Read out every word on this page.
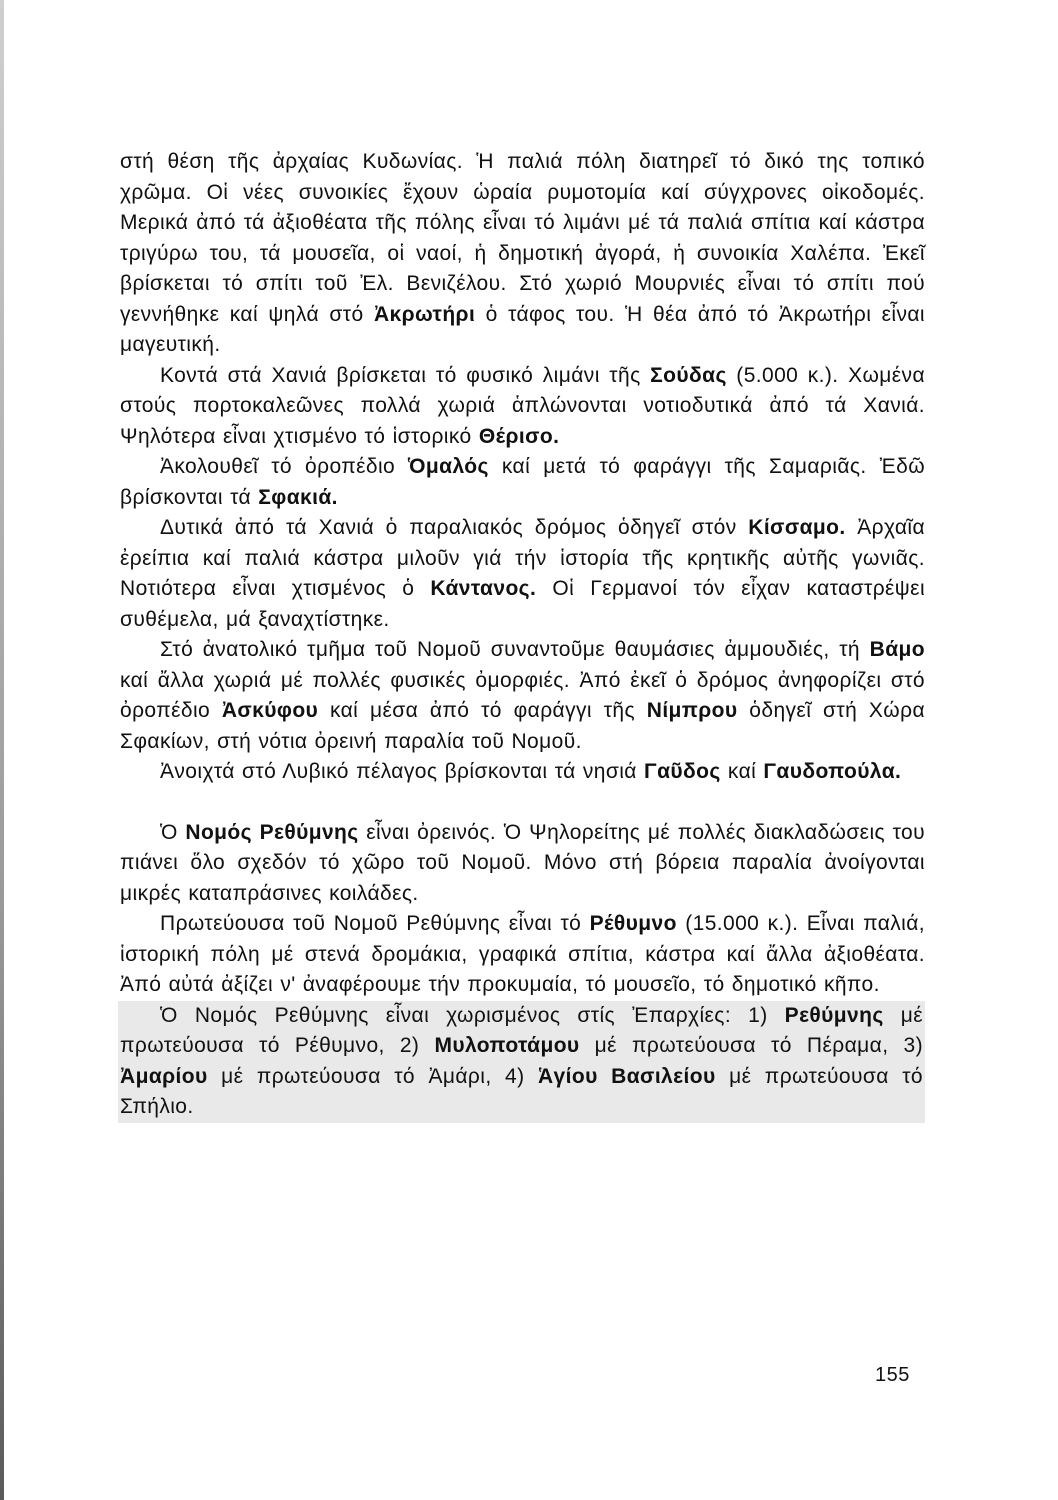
στή θέση τῆς ἀρχαίας Κυδωνίας. Ἡ παλιά πόλη διατηρεῖ τό δικό της τοπικό χρῶμα. Οἱ νέες συνοικίες ἔχουν ὡραία ρυμοτομία καί σύγχρονες οἰκοδομές. Μερικά ἀπό τά ἀξιοθέατα τῆς πόλης εἶναι τό λιμάνι μέ τά παλιά σπίτια καί κάστρα τριγύρω του, τά μουσεῖα, οἱ ναοί, ἡ δημοτική ἀγορά, ἡ συνοικία Χαλέπα. Ἐκεῖ βρίσκεται τό σπίτι τοῦ Ἐλ. Βενιζέλου. Στό χωριό Μουρνιές εἶναι τό σπίτι πού γεννήθηκε καί ψηλά στό Ἀκρωτήρι ὁ τάφος του. Ἡ θέα ἀπό τό Ἀκρωτήρι εἶναι μαγευτική.

Κοντά στά Χανιά βρίσκεται τό φυσικό λιμάνι τῆς Σούδας (5.000 κ.). Χωμένα στούς πορτοκαλεῶνες πολλά χωριά ἁπλώνονται νοτιοδυτικά ἀπό τά Χανιά. Ψηλότερα εἶναι χτισμένο τό ἱστορικό Θέρισο.

Ἀκολουθεῖ τό ὀροπέδιο Ὁμαλός καί μετά τό φαράγγι τῆς Σαμαριᾶς. Ἐδῶ βρίσκονται τά Σφακιά.

Δυτικά ἀπό τά Χανιά ὁ παραλιακός δρόμος ὁδηγεῖ στόν Κίσσαμο. Ἀρχαῖα ἐρείπια καί παλιά κάστρα μιλοῦν γιά τήν ἱστορία τῆς κρητικῆς αὐτῆς γωνιᾶς. Νοτιότερα εἶναι χτισμένος ὁ Κάντανος. Οἱ Γερμανοί τόν εἶχαν καταστρέψει συθέμελα, μά ξαναχτίστηκε.

Στό ἀνατολικό τμῆμα τοῦ Νομοῦ συναντοῦμε θαυμάσιες ἀμμουδιές, τή Βάμο καί ἄλλα χωριά μέ πολλές φυσικές ὀμορφιές. Ἀπό ἐκεῖ ὁ δρόμος ἀνηφορίζει στό ὀροπέδιο Ἀσκύφου καί μέσα ἀπό τό φαράγγι τῆς Νίμπρου ὁδηγεῖ στή Χώρα Σφακίων, στή νότια ὀρεινή παραλία τοῦ Νομοῦ.

Ἀνοιχτά στό Λυβικό πέλαγος βρίσκονται τά νησιά Γαῦδος καί Γαυδοπούλα.

Ὁ Νομός Ρεθύμνης εἶναι ὀρεινός. Ὁ Ψηλορείτης μέ πολλές διακλαδώσεις του πιάνει ὅλο σχεδόν τό χῶρο τοῦ Νομοῦ. Μόνο στή βόρεια παραλία ἀνοίγονται μικρές καταπράσινες κοιλάδες.

Πρωτεύουσα τοῦ Νομοῦ Ρεθύμνης εἶναι τό Ρέθυμνο (15.000 κ.). Εἶναι παλιά, ἱστορική πόλη μέ στενά δρομάκια, γραφικά σπίτια, κάστρα καί ἄλλα ἀξιοθέατα. Ἀπό αὐτά ἀξίζει ν' ἀναφέρουμε τήν προκυμαία, τό μουσεῖο, τό δημοτικό κῆπο.

Ὁ Νομός Ρεθύμνης εἶναι χωρισμένος στίς Ἐπαρχίες: 1) Ρεθύμνης μέ πρωτεύουσα τό Ρέθυμνο, 2) Μυλοποτάμου μέ πρωτεύουσα τό Πέραμα, 3) Ἀμαρίου μέ πρωτεύουσα τό Ἀμάρι, 4) Ἁγίου Βασιλείου μέ πρωτεύουσα τό Σπήλιο.

155
